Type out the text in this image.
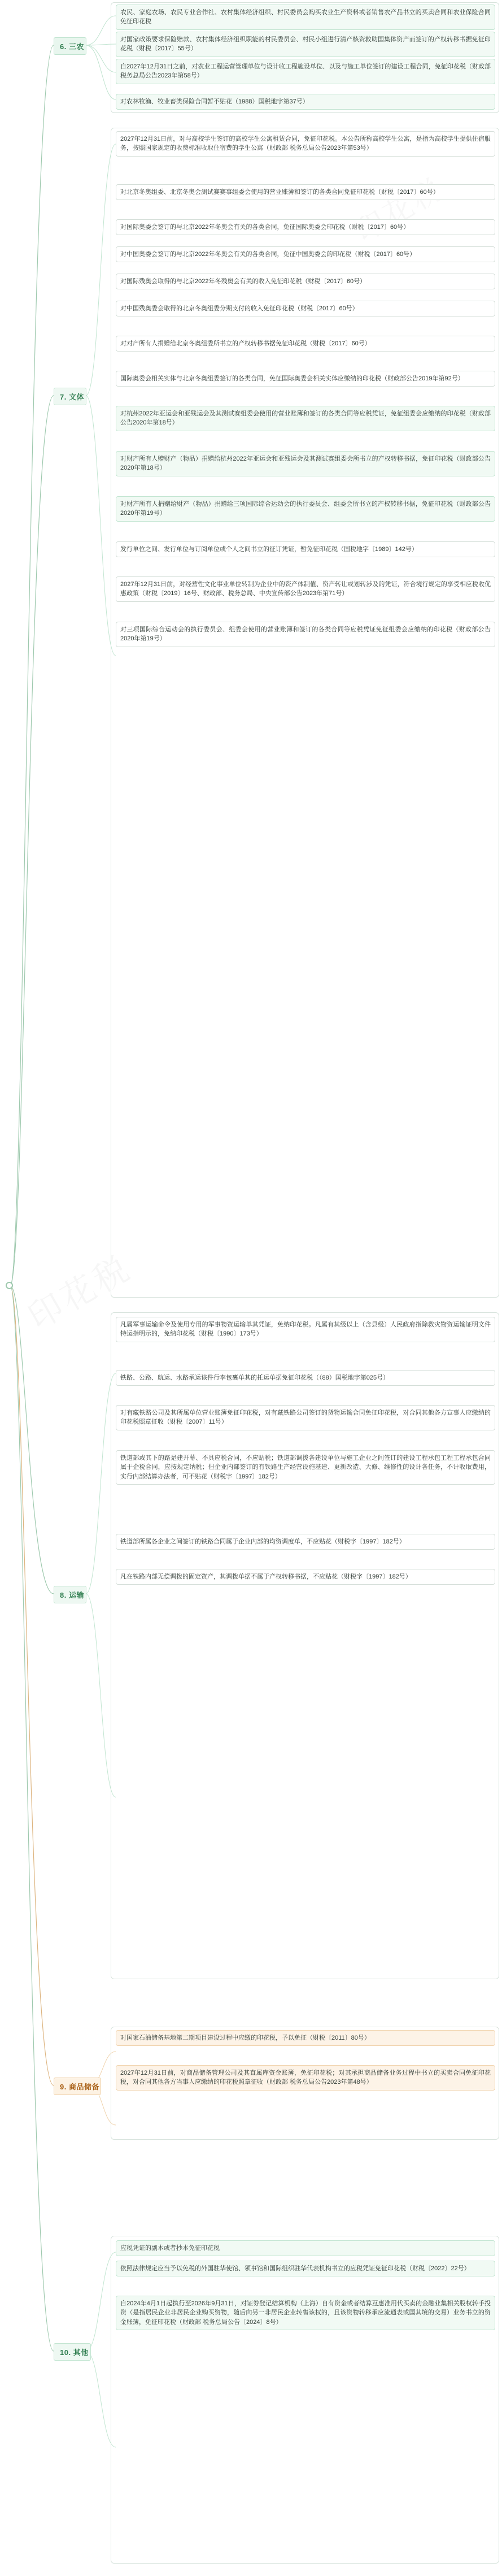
6. 三农
农民、家庭农场、农民专业合作社、农村集体经济组织、村民委员会购买农业生产资料或者销售农产品书立的买卖合同和农业保险合同免征印花税
对国家政策要求保险赔款、农村集体经济组织职能的村民委员会、村民小组进行清产核资救助国集体资产而签订的产权转移书据免征印花税（财税〔2017〕55号）
自2027年12月31日之前，对农业工程运营管理单位与设计收工程施设单位、以及与施工单位签订的建设工程合同，免征印花税（财政部 税务总局公告2023年第58号）
对农林牧渔、牧业畜类保险合同暂不贴花（1988）国税地字第37号）
7. 文体
2027年12月31日前，对与高校学生签订的高校学生公寓租赁合同，免征印花税。本公告所称高校学生公寓，是指为高校学生提供住宿服务，按照国家规定的收费标准收取住宿费的学生公寓（财政部 税务总局公告2023年第53号）
对北京冬奥组委、北京冬奥会测试赛赛事组委会使用的营业账簿和签订的各类合同免征印花税（财税〔2017〕60号）
对国际奥委会签订的与北京2022年冬奥会有关的各类合同，免征国际奥委会印花税（财税〔2017〕60号）
对中国奥委会签订的与北京2022年冬奥会有关的各类合同，免征中国奥委会的印花税（财税〔2017〕60号）
对国际残奥会取得的与北京2022年冬残奥会有关的收入免征印花税（财税〔2017〕60号）
对中国残奥委会取得的北京冬奥组委分期支付的收入免征印花税（财税〔2017〕60号）
对对产所有人捐赠给北京冬奥组委所书立的产权转移书据免征印花税（财税〔2017〕60号）
国际奥委会相关实体与北京冬奥组委签订的各类合同，免征国际奥委会相关实体应缴纳的印花税（财政部公告2019年第92号）
对杭州2022年亚运会和亚残运会及其测试赛组委会使用的营业账簿和签订的各类合同等应税凭证，免征组委会应缴纳的印花税（财政部公告2020年第18号）
对财产所有人赠财产（物品）捐赠给杭州2022年亚运会和亚残运会及其测试赛组委会所书立的产权转移书据，免征印花税（财政部公告2020年第18号）
对财产所有人捐赠给财产（物品）捐赠给三项国际综合运动会的执行委员会、组委会所书立的产权转移书据，免征印花税（财政部公告2020年第19号）
发行单位之间、发行单位与订阅单位或个人之间书立的征订凭证，暂免征印花税（国税地字〔1989〕142号）
2027年12月31日前，对经营性文化事业单位转制为企业中的资产体制值、资产转让或划转涉及的凭证，符合境行规定的享受相应税收优惠政策（财税〔2019〕16号、财政部、税务总局、中央宣传部公告2023年第71号）
对三项国际综合运动会的执行委员会、组委会使用的营业账簿和签订的各类合同等应税凭证免征组委会应缴纳的印花税（财政部公告2020年第19号）
8. 运输
凡属军事运输命令及使用专用的军事物资运输单其凭证，免纳印花税。凡属有其级以上（含县级）人民政府指除救灾物资运输证明文件特运指明示的，免纳印花税（财税〔1990〕173号）
铁路、公路、航运、水路承运该件行李包裹单其的托运单据免征印花税（（88）国税地字第025号）
对有藏铁路公司及其所属单位营业账簿免征印花税，对有藏铁路公司签订的货物运输合同免征印花税，对合同其他各方宣事人应缴纳的印花税照章征收（财税〔2007〕11号）
铁道部或其下的路是建开幕、不具应税合同，不应贴税；铁道部调拨各建设单位与施工企业之间签订的建设工程承包工程工程承包合同属于企税合同，应按规定纳税；但企业内部签订的有铁路生产经营设施基建、更新改造、大修、维修性的设计各任务，不计收取费用，实行内部结算办法者，可不贴花（财税字〔1997〕182号）
铁道部所属各企业之间签订的铁路合同属于企业内部的均资调度单，不应贴花（财税字〔1997〕182号）
凡在铁路内部无偿调拨的固定资产，其调拨单据不属于产权转移书据，不应贴花（财税字〔1997〕182号）
9. 商品储备
对国家石油储备基地第二期项目建设过程中应缴的印花税，予以免征（财税〔2011〕80号）
2027年12月31日前，对商品储备管理公司及其直属库资金账簿，免征印花税；对其承担商品储备业务过程中书立的买卖合同免征印花税，对合同其他各方当事人应缴纳的印花税照章征收（财政部 税务总局公告2023年第48号）
10. 其他
应税凭证的副本或者抄本免征印花税
依照法律规定应当予以免税的外国驻华使馆、领事馆和国际组织驻华代表机构书立的应税凭证免征印花税（财税〔2022〕22号）
自2024年4月1日起执行至2026年9月31日，对证券登记结算机构（上海）自有资金或者结算互惠准用代买卖的金融业集相关股权转手投资（是指居民企业非居民企业购买资物，随后向另一非居民企业转售该权的，且该资物转移承应流通表或国其境的交易）业务书立的资金账簿，免征印花税（财政部 税务总局公告〔2024〕8号）
